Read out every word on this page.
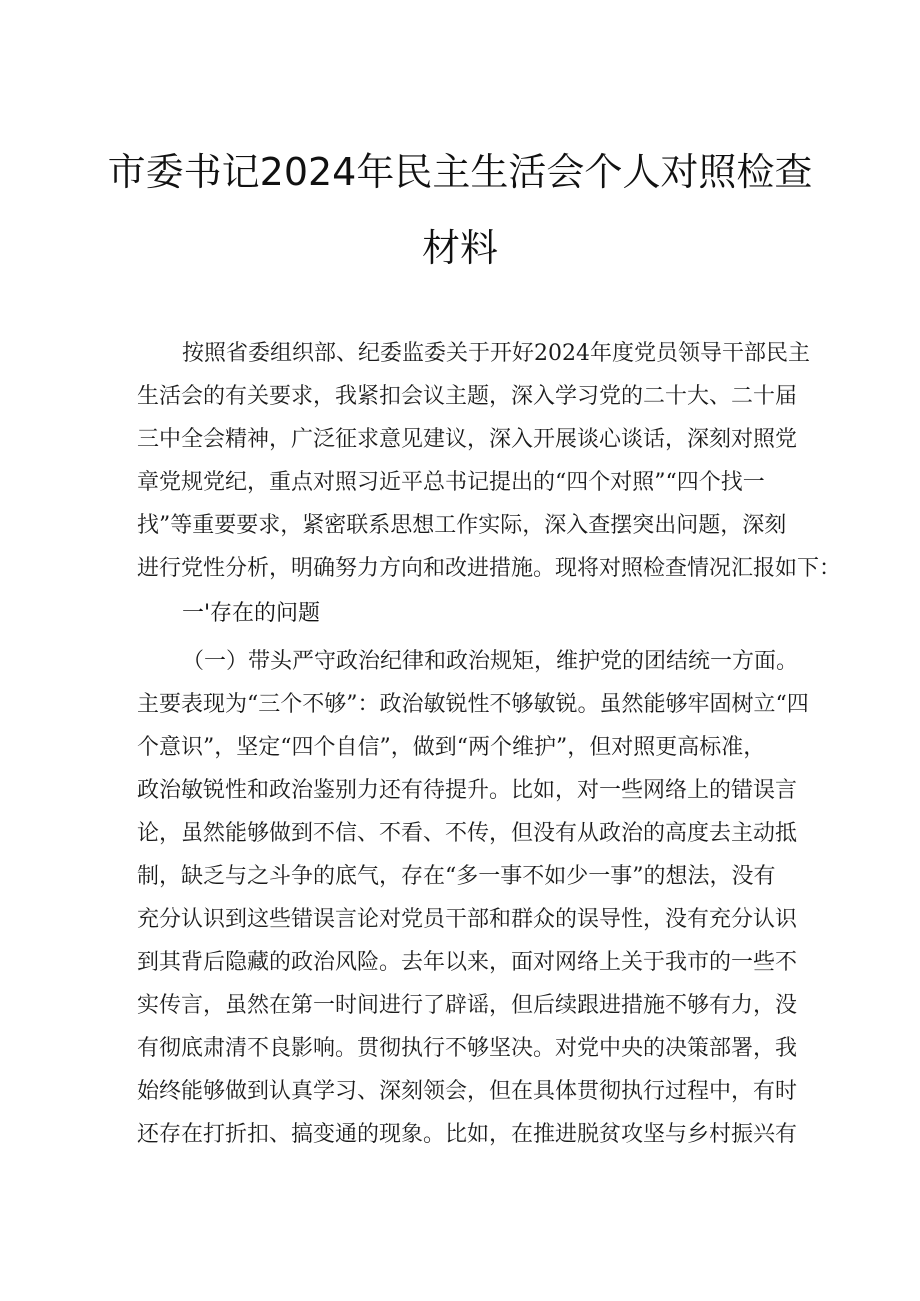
市委书记2024年民主生活会个人对照检查
材料
按照省委组织部、纪委监委关于开好2024年度党员领导干部民主
生活会的有关要求，我紧扣会议主题，深入学习党的二十大、二十届
三中全会精神，广泛征求意见建议，深入开展谈心谈话，深刻对照党
章党规党纪，重点对照习近平总书记提出的“四个对照”“四个找一
找”等重要要求，紧密联系思想工作实际，深入查摆突出问题，深刻
进行党性分析，明确努力方向和改进措施。现将对照检查情况汇报如下：
一'存在的问题
（一）带头严守政治纪律和政治规矩，维护党的团结统一方面。
主要表现为“三个不够”：政治敏锐性不够敏锐。虽然能够牢固树立“四
个意识”，坚定“四个自信”，做到“两个维护”，但对照更高标准，
政治敏锐性和政治鉴别力还有待提升。比如，对一些网络上的错误言
论，虽然能够做到不信、不看、不传，但没有从政治的高度去主动抵
制，缺乏与之斗争的底气，存在“多一事不如少一事”的想法，没有
充分认识到这些错误言论对党员干部和群众的误导性，没有充分认识
到其背后隐藏的政治风险。去年以来，面对网络上关于我市的一些不
实传言，虽然在第一时间进行了辟谣，但后续跟进措施不够有力，没
有彻底肃清不良影响。贯彻执行不够坚决。对党中央的决策部署，我
始终能够做到认真学习、深刻领会，但在具体贯彻执行过程中，有时
还存在打折扣、搞变通的现象。比如，在推进脱贫攻坚与乡村振兴有
